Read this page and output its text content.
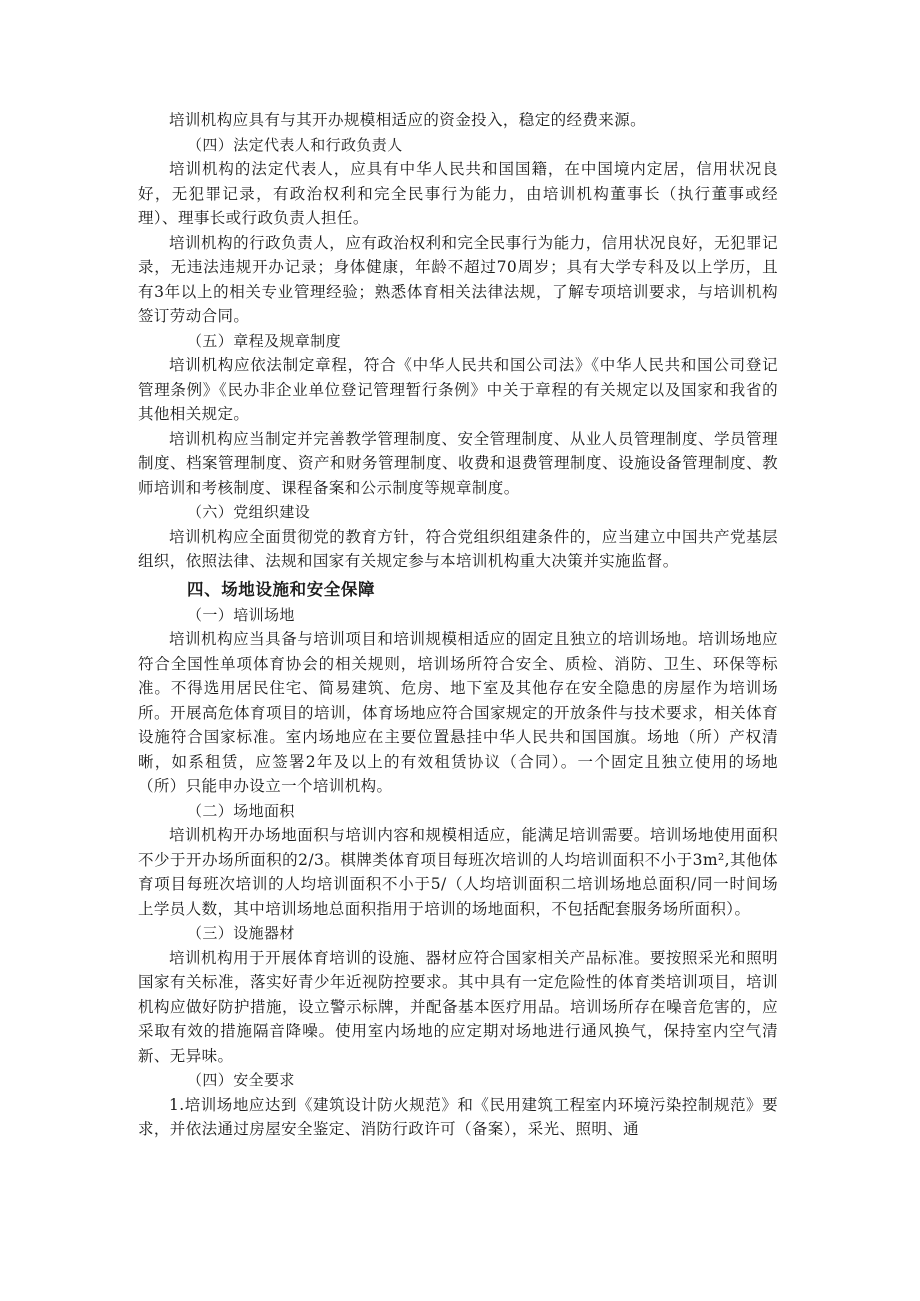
培训机构应具有与其开办规模相适应的资金投入，稳定的经费来源。

（四）法定代表人和行政负责人

培训机构的法定代表人，应具有中华人民共和国国籍，在中国境内定居，信用状况良好，无犯罪记录，有政治权利和完全民事行为能力，由培训机构董事长（执行董事或经理）、理事长或行政负责人担任。

培训机构的行政负责人，应有政治权利和完全民事行为能力，信用状况良好，无犯罪记录，无违法违规开办记录；身体健康，年龄不超过70周岁；具有大学专科及以上学历，且有3年以上的相关专业管理经验；熟悉体育相关法律法规，了解专项培训要求，与培训机构签订劳动合同。

（五）章程及规章制度

培训机构应依法制定章程，符合《中华人民共和国公司法》《中华人民共和国公司登记管理条例》《民办非企业单位登记管理暂行条例》中关于章程的有关规定以及国家和我省的其他相关规定。

培训机构应当制定并完善教学管理制度、安全管理制度、从业人员管理制度、学员管理制度、档案管理制度、资产和财务管理制度、收费和退费管理制度、设施设备管理制度、教师培训和考核制度、课程备案和公示制度等规章制度。

（六）党组织建设

培训机构应全面贯彻党的教育方针，符合党组织组建条件的，应当建立中国共产党基层组织，依照法律、法规和国家有关规定参与本培训机构重大决策并实施监督。

四、场地设施和安全保障

（一）培训场地

培训机构应当具备与培训项目和培训规模相适应的固定且独立的培训场地。培训场地应符合全国性单项体育协会的相关规则，培训场所符合安全、质检、消防、卫生、环保等标准。不得选用居民住宅、简易建筑、危房、地下室及其他存在安全隐患的房屋作为培训场所。开展高危体育项目的培训，体育场地应符合国家规定的开放条件与技术要求，相关体育设施符合国家标准。室内场地应在主要位置悬挂中华人民共和国国旗。场地（所）产权清晰，如系租赁，应签署2年及以上的有效租赁协议（合同）。一个固定且独立使用的场地（所）只能申办设立一个培训机构。

（二）场地面积

培训机构开办场地面积与培训内容和规模相适应，能满足培训需要。培训场地使用面积不少于开办场所面积的2/3。棋牌类体育项目每班次培训的人均培训面积不小于3m²,其他体育项目每班次培训的人均培训面积不小于5/（人均培训面积二培训场地总面积/同一时间场上学员人数，其中培训场地总面积指用于培训的场地面积，不包括配套服务场所面积）。

（三）设施器材

培训机构用于开展体育培训的设施、器材应符合国家相关产品标准。要按照采光和照明国家有关标准，落实好青少年近视防控要求。其中具有一定危险性的体育类培训项目，培训机构应做好防护措施，设立警示标牌，并配备基本医疗用品。培训场所存在噪音危害的，应采取有效的措施隔音降噪。使用室内场地的应定期对场地进行通风换气，保持室内空气清新、无异味。

（四）安全要求

1.培训场地应达到《建筑设计防火规范》和《民用建筑工程室内环境污染控制规范》要求，并依法通过房屋安全鉴定、消防行政许可（备案），采光、照明、通
